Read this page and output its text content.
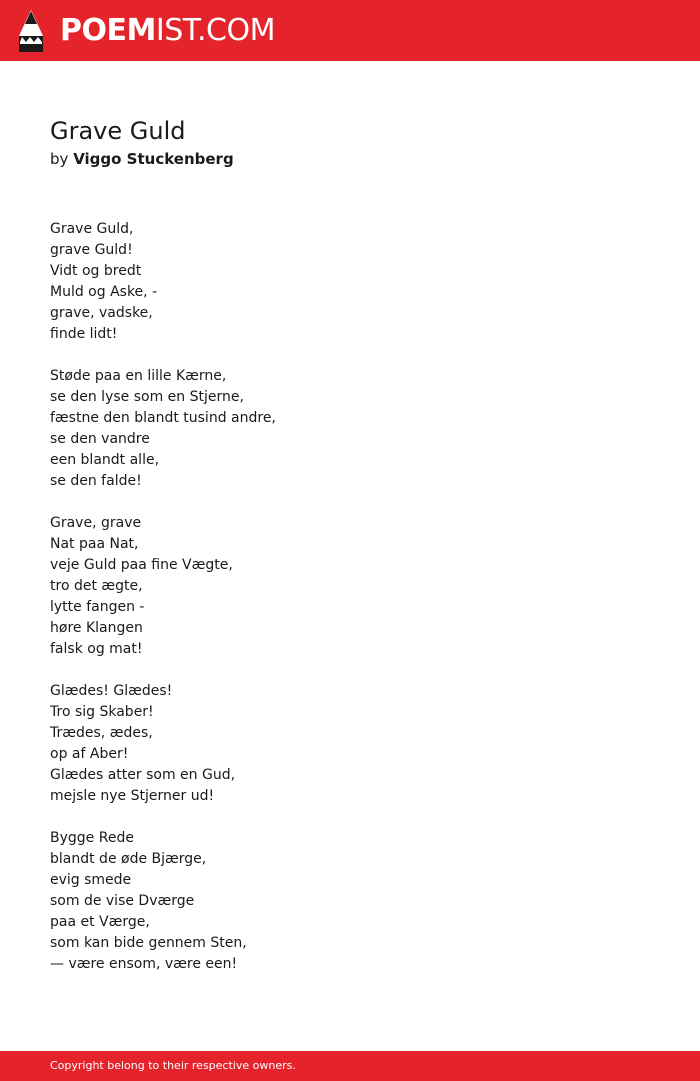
POEMIST.COM
Grave Guld
by Viggo Stuckenberg
Grave Guld,
grave Guld!
Vidt og bredt
Muld og Aske, -
grave, vadske,
finde lidt!
Støde paa en lille Kærne,
se den lyse som en Stjerne,
fæstne den blandt tusind andre,
se den vandre
een blandt alle,
se den falde!
Grave, grave
Nat paa Nat,
veje Guld paa fine Vægte,
tro det ægte,
lytte fangen -
høre Klangen
falsk og mat!
Glædes! Glædes!
Tro sig Skaber!
Trædes, ædes,
op af Aber!
Glædes atter som en Gud,
mejsle nye Stjerner ud!
Bygge Rede
blandt de øde Bjærge,
evig smede
som de vise Dværge
paa et Værge,
som kan bide gennem Sten,
— være ensom, være een!
Copyright belong to their respective owners.
